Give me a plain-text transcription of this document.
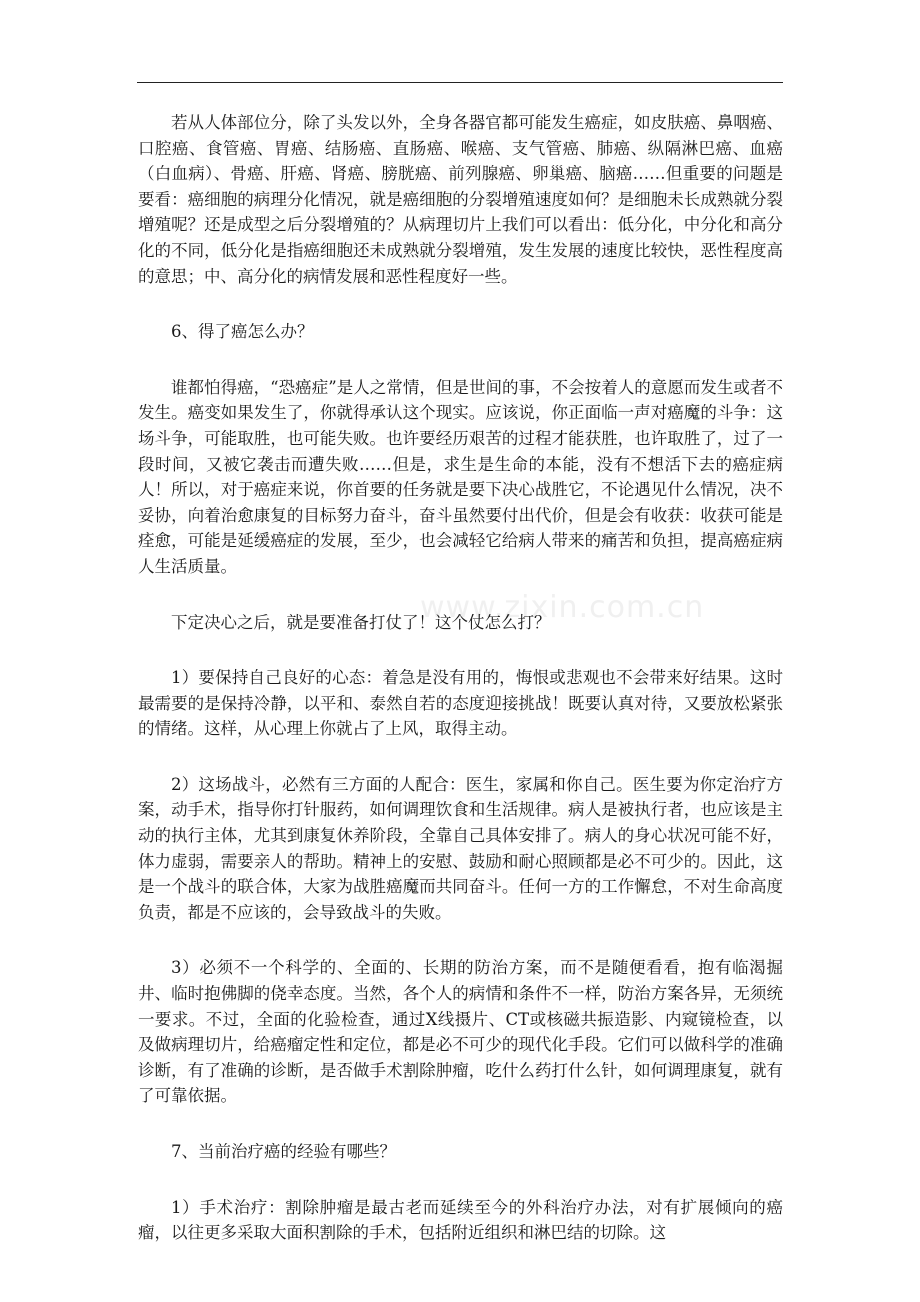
www.zixin.com.cn

若从人体部位分，除了头发以外，全身各器官都可能发生癌症，如皮肤癌、鼻咽癌、口腔癌、食管癌、胃癌、结肠癌、直肠癌、喉癌、支气管癌、肺癌、纵隔淋巴癌、血癌（白血病）、骨癌、肝癌、肾癌、膀胱癌、前列腺癌、卵巢癌、脑癌……但重要的问题是要看：癌细胞的病理分化情况，就是癌细胞的分裂增殖速度如何？是细胞未长成熟就分裂增殖呢？还是成型之后分裂增殖的？从病理切片上我们可以看出：低分化，中分化和高分化的不同，低分化是指癌细胞还未成熟就分裂增殖，发生发展的速度比较快，恶性程度高的意思；中、高分化的病情发展和恶性程度好一些。

6、得了癌怎么办？

谁都怕得癌，“恐癌症”是人之常情，但是世间的事，不会按着人的意愿而发生或者不发生。癌变如果发生了，你就得承认这个现实。应该说，你正面临一声对癌魔的斗争：这场斗争，可能取胜，也可能失败。也许要经历艰苦的过程才能获胜，也许取胜了，过了一段时间，又被它袭击而遭失败……但是，求生是生命的本能，没有不想活下去的癌症病人！所以，对于癌症来说，你首要的任务就是要下决心战胜它，不论遇见什么情况，决不妥协，向着治愈康复的目标努力奋斗，奋斗虽然要付出代价，但是会有收获：收获可能是痊愈，可能是延缓癌症的发展，至少，也会减轻它给病人带来的痛苦和负担，提高癌症病人生活质量。

下定决心之后，就是要准备打仗了！这个仗怎么打？

1）要保持自己良好的心态：着急是没有用的，悔恨或悲观也不会带来好结果。这时最需要的是保持冷静，以平和、泰然自若的态度迎接挑战！既要认真对待，又要放松紧张的情绪。这样，从心理上你就占了上风，取得主动。

2）这场战斗，必然有三方面的人配合：医生，家属和你自己。医生要为你定治疗方案，动手术，指导你打针服药，如何调理饮食和生活规律。病人是被执行者，也应该是主动的执行主体，尤其到康复休养阶段，全靠自己具体安排了。病人的身心状况可能不好，体力虚弱，需要亲人的帮助。精神上的安慰、鼓励和耐心照顾都是必不可少的。因此，这是一个战斗的联合体，大家为战胜癌魔而共同奋斗。任何一方的工作懈怠，不对生命高度负责，都是不应该的，会导致战斗的失败。

3）必须不一个科学的、全面的、长期的防治方案，而不是随便看看，抱有临渴掘井、临时抱佛脚的侥幸态度。当然，各个人的病情和条件不一样，防治方案各异，无须统一要求。不过，全面的化验检查，通过X线摄片、CT或核磁共振造影、内窥镜检查，以及做病理切片，给癌瘤定性和定位，都是必不可少的现代化手段。它们可以做科学的准确诊断，有了准确的诊断，是否做手术割除肿瘤，吃什么药打什么针，如何调理康复，就有了可靠依据。

7、当前治疗癌的经验有哪些？

1）手术治疗：割除肿瘤是最古老而延续至今的外科治疗办法，对有扩展倾向的癌瘤，以往更多采取大面积割除的手术，包括附近组织和淋巴结的切除。这
